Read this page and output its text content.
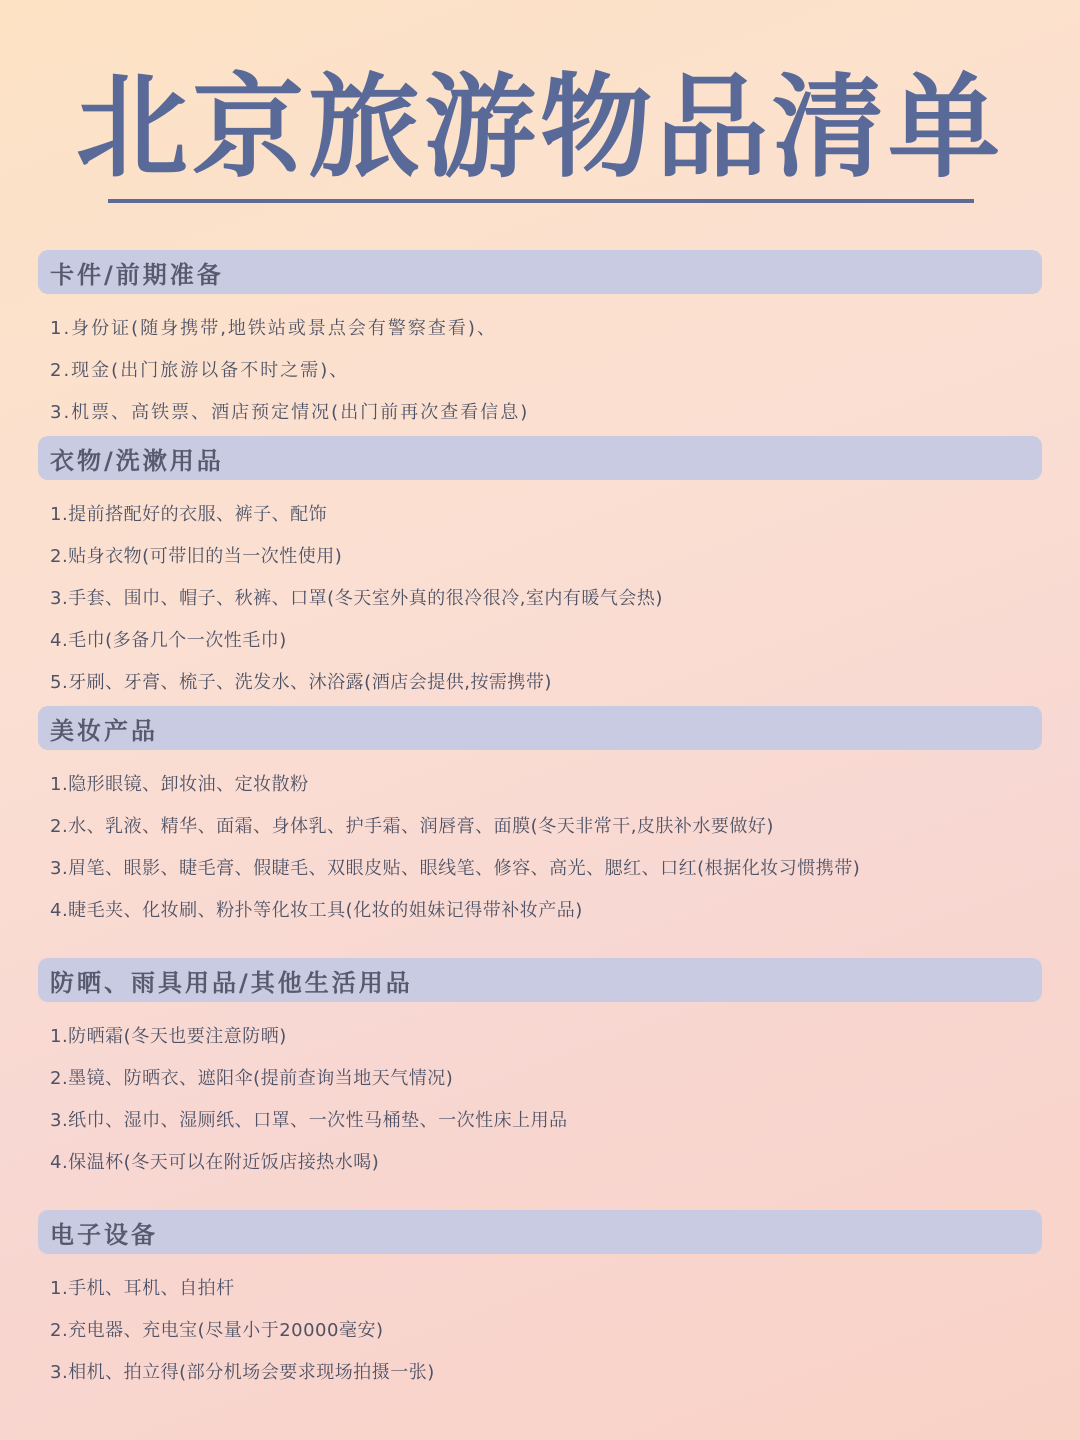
北京旅游物品清单
卡件/前期准备
1.身份证(随身携带,地铁站或景点会有警察查看)、
2.现金(出门旅游以备不时之需)、
3.机票、高铁票、酒店预定情况(出门前再次查看信息)
衣物/洗漱用品
1.提前搭配好的衣服、裤子、配饰
2.贴身衣物(可带旧的当一次性使用)
3.手套、围巾、帽子、秋裤、口罩(冬天室外真的很冷很冷,室内有暖气会热)
4.毛巾(多备几个一次性毛巾)
5.牙刷、牙膏、梳子、洗发水、沐浴露(酒店会提供,按需携带)
美妆产品
1.隐形眼镜、卸妆油、定妆散粉
2.水、乳液、精华、面霜、身体乳、护手霜、润唇膏、面膜(冬天非常干,皮肤补水要做好)
3.眉笔、眼影、睫毛膏、假睫毛、双眼皮贴、眼线笔、修容、高光、腮红、口红(根据化妆习惯携带)
4.睫毛夹、化妆刷、粉扑等化妆工具(化妆的姐妹记得带补妆产品)
防晒、雨具用品/其他生活用品
1.防晒霜(冬天也要注意防晒)
2.墨镜、防晒衣、遮阳伞(提前查询当地天气情况)
3.纸巾、湿巾、湿厕纸、口罩、一次性马桶垫、一次性床上用品
4.保温杯(冬天可以在附近饭店接热水喝)
电子设备
1.手机、耳机、自拍杆
2.充电器、充电宝(尽量小于20000毫安)
3.相机、拍立得(部分机场会要求现场拍摄一张)
